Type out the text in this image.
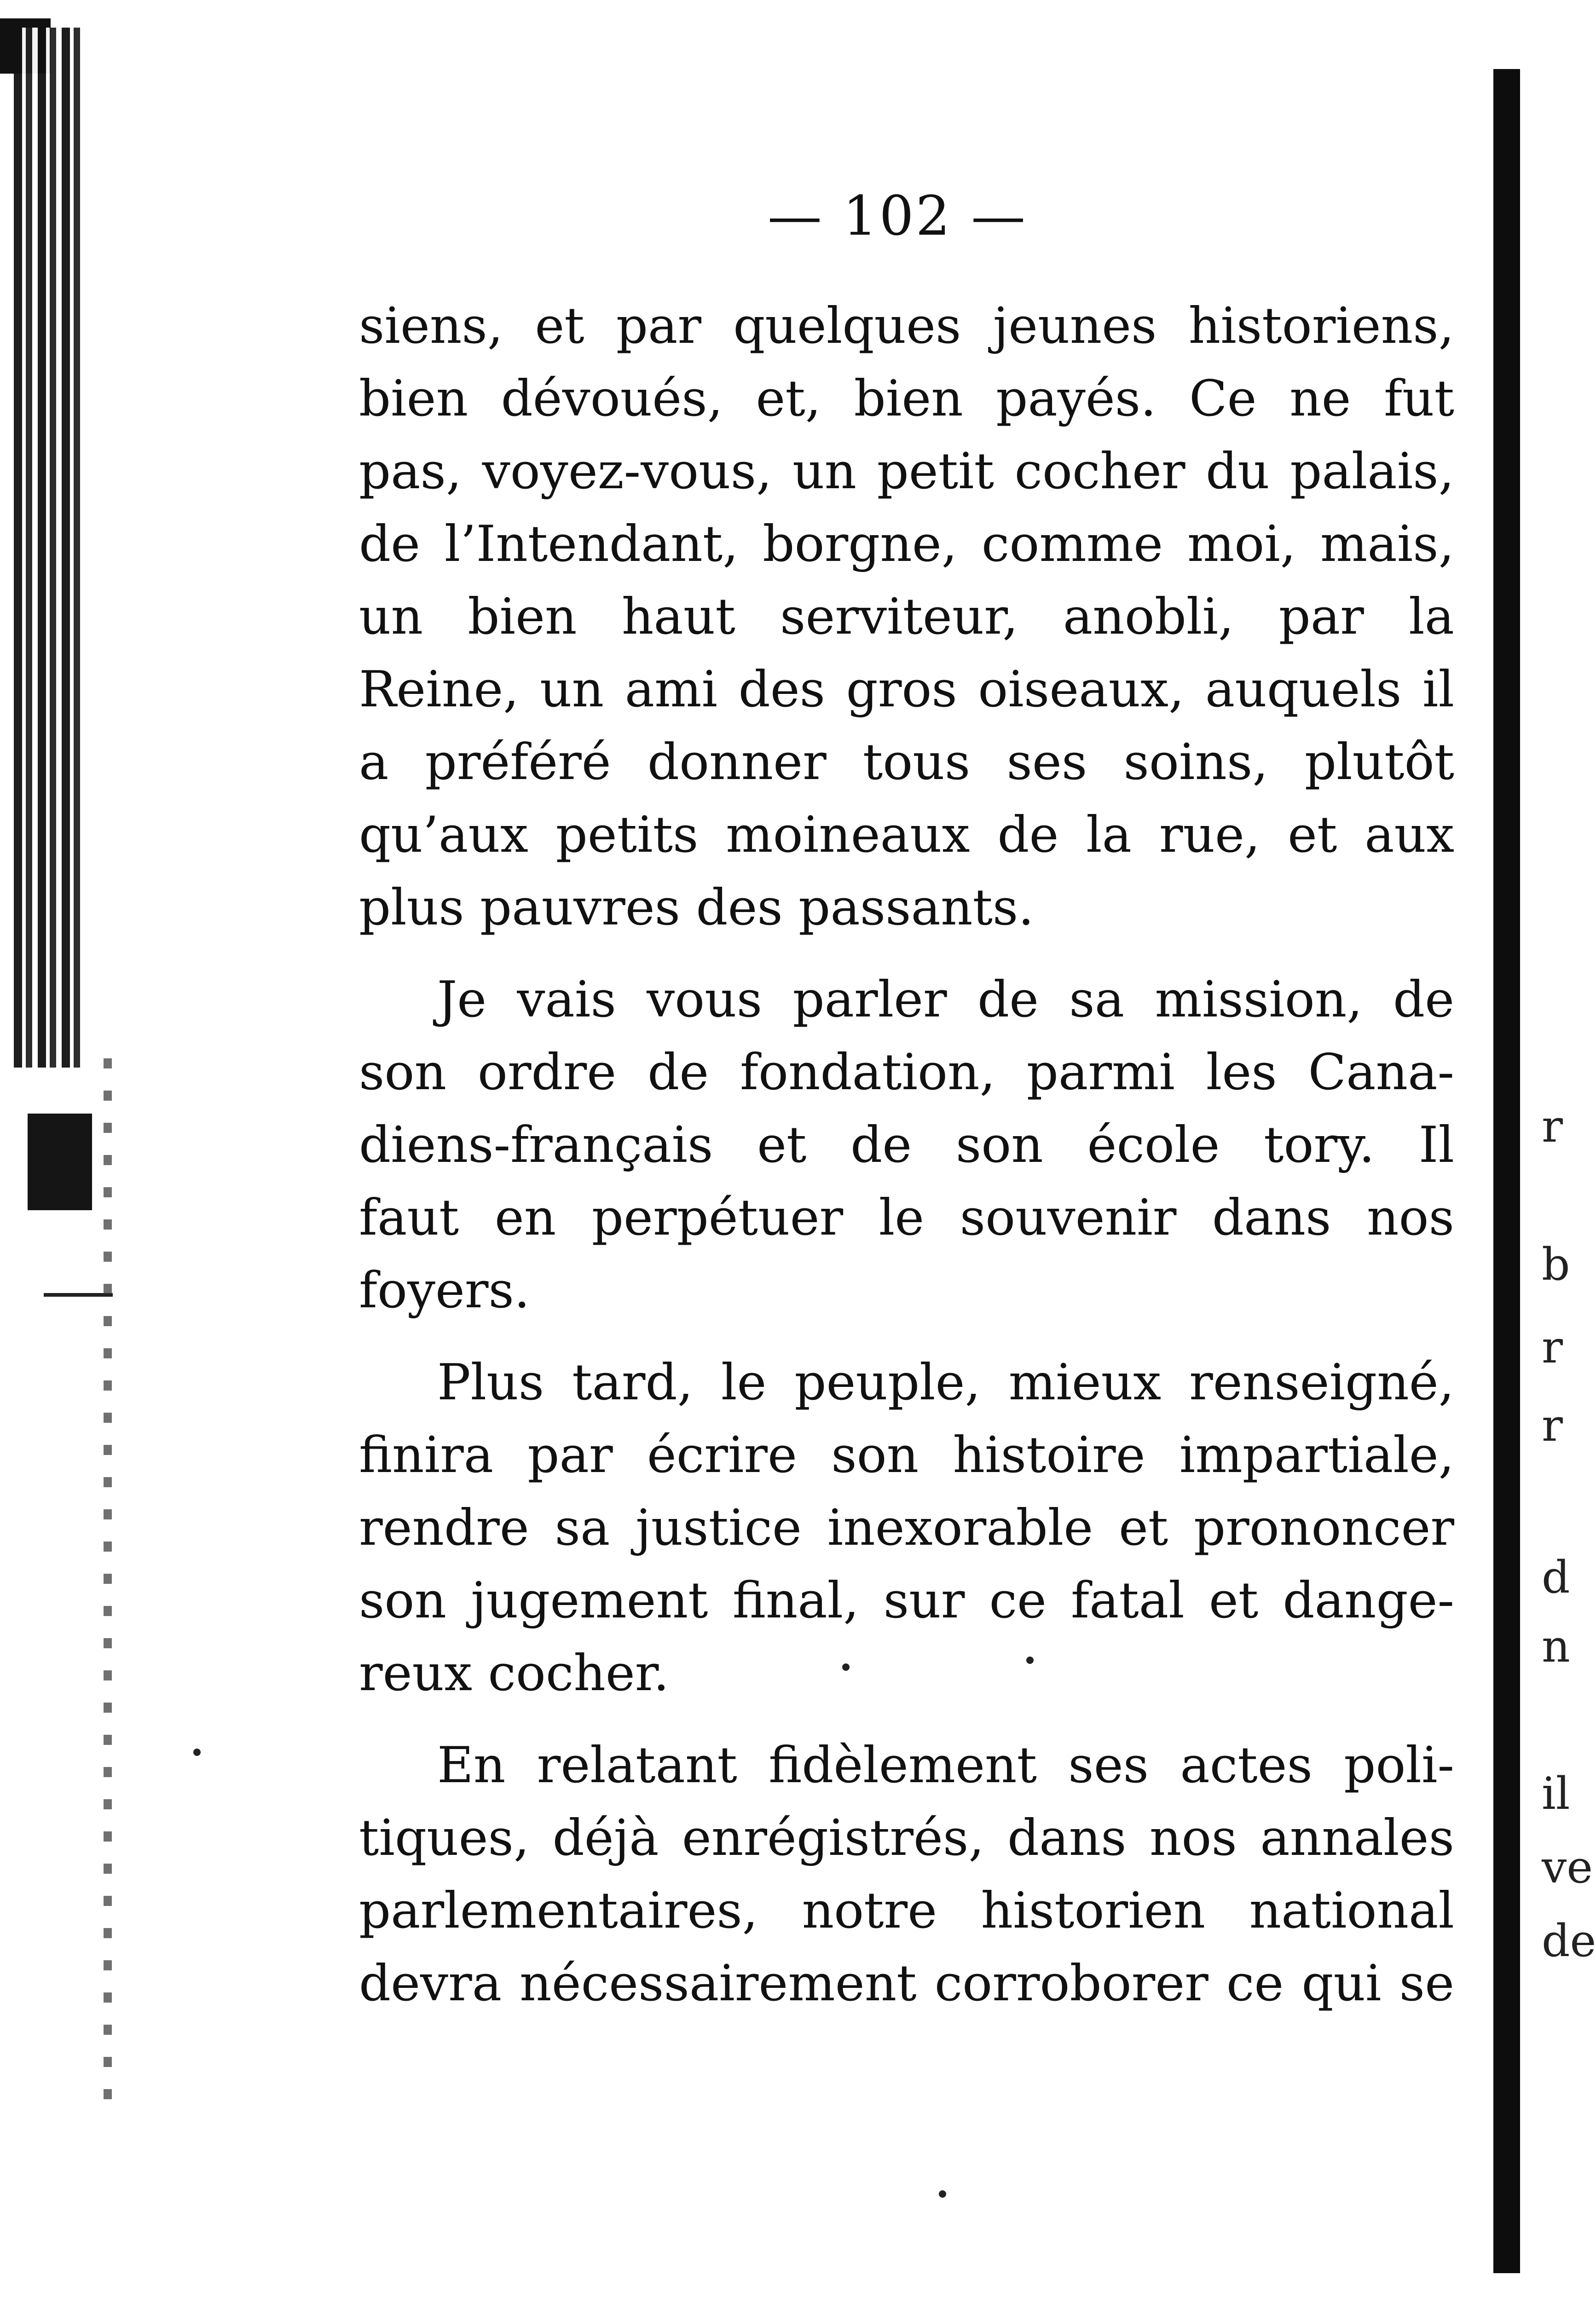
r
b
r
r
d
n
il
ve
de
— 102 —

siens, et par quelques jeunes historiens,
bien dévoués, et, bien payés. Ce ne fut
pas, voyez-vous, un petit cocher du palais,
de l’Intendant, borgne, comme moi, mais,
un bien haut serviteur, anobli, par la
Reine, un ami des gros oiseaux, auquels il
a préféré donner tous ses soins, plutôt
qu’aux petits moineaux de la rue, et aux
plus pauvres des passants.

Je vais vous parler de sa mission, de
son ordre de fondation, parmi les Cana-
diens-français et de son école tory. Il
faut en perpétuer le souvenir dans nos
foyers.

Plus tard, le peuple, mieux renseigné,
finira par écrire son histoire impartiale,
rendre sa justice inexorable et prononcer
son jugement final, sur ce fatal et dange-
reux cocher.

En relatant fidèlement ses actes poli-
tiques, déjà enrégistrés, dans nos annales
parlementaires, notre historien national
devra nécessairement corroborer ce qui se
